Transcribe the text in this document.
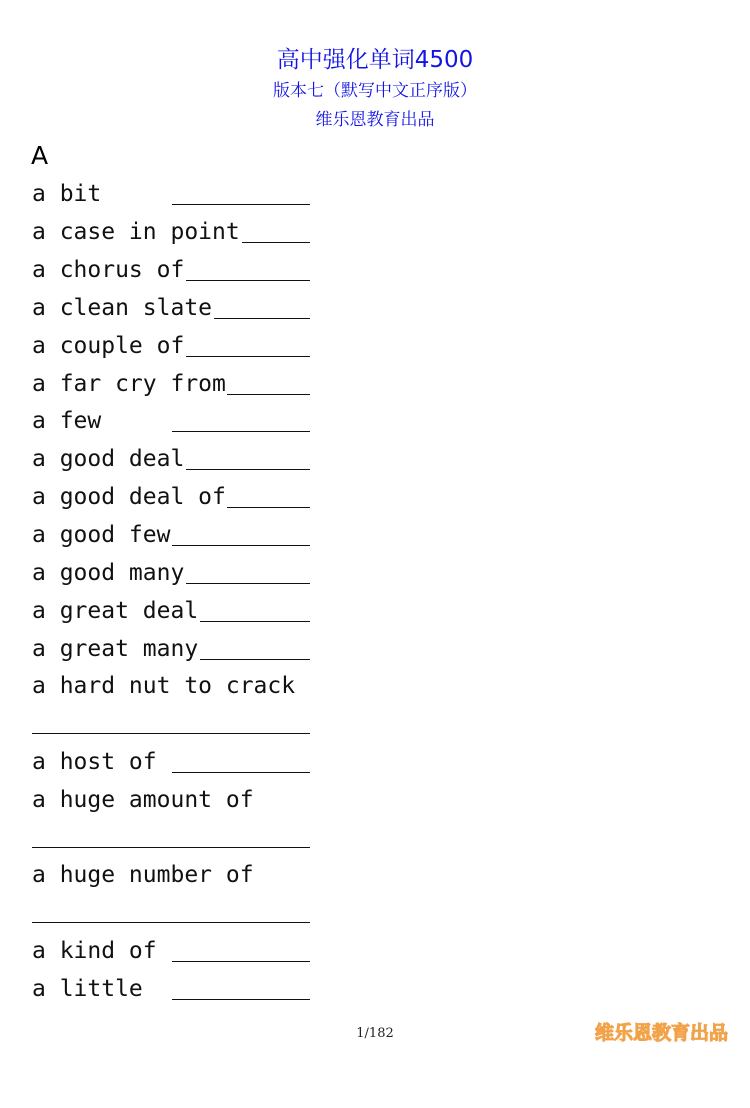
高中强化单词4500
版本七（默写中文正序版）
维乐恩教育出品
A

a bit

a case in point

a chorus of

a clean slate

a couple of

a far cry from

a few

a good deal

a good deal of

a good few

a good many

a great deal

a great many

a hard nut to crack

a host of

a huge amount of

a huge number of

a kind of

a little

1/182	维乐恩教育出品
